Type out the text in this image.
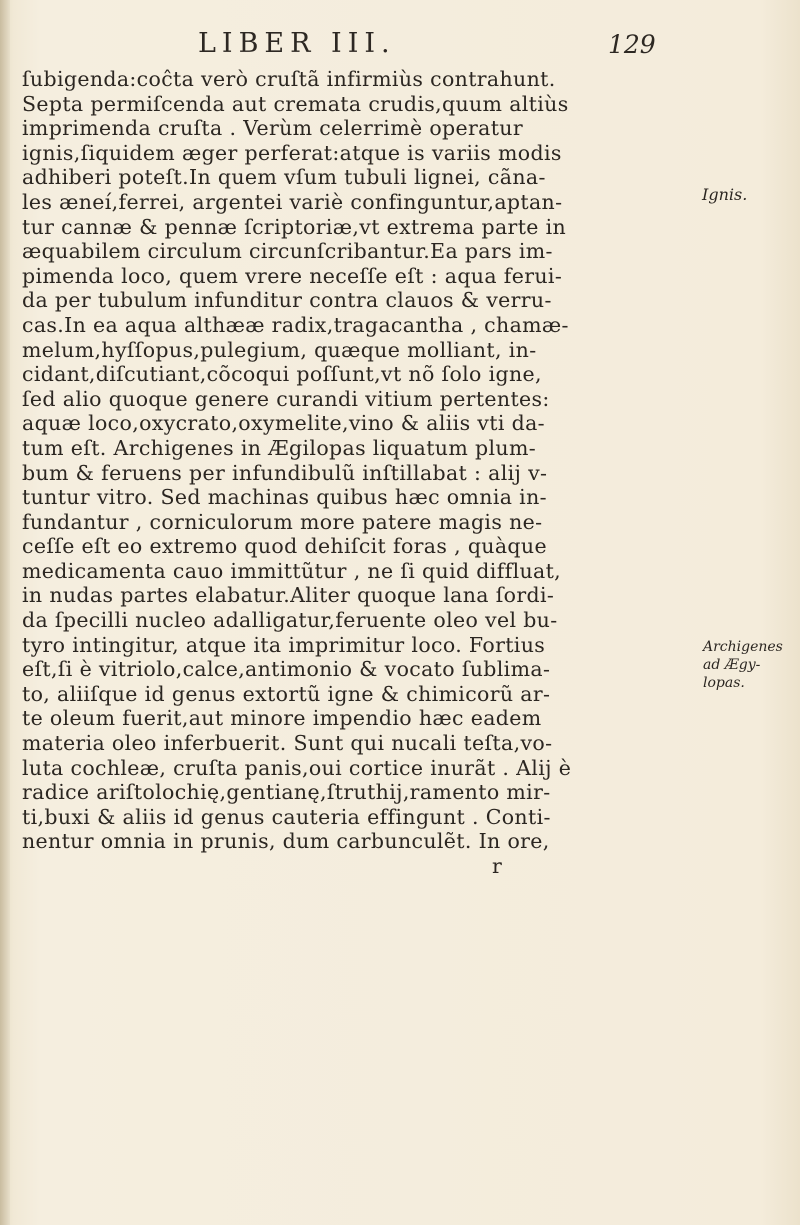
LIBER III.	129
ſubigenda:coĉta verò cruſtã infirmiùs contrahunt.
Septa permiſcenda aut cremata crudis,quum altiùs
imprimenda cruſta . Verùm celerrimè operatur
ignis,ſiquidem æger perferat:atque is variis modis
adhiberi poteſt.In quem vſum tubuli lignei, cãna-
les æneí,ferrei, argentei variè confinguntur,aptan-
tur cannæ & pennæ ſcriptoriæ,vt extrema parte in
æquabilem circulum circunſcribantur.Ea pars im-
pimenda loco, quem vrere neceſſe eſt : aqua ferui-
da per tubulum infunditur contra clauos & verru-
cas.In ea aqua althææ radix,tragacantha , chamæ-
melum,hyſſopus,pulegium, quæque molliant, in-
cidant,diſcutiant,cõcoqui poſſunt,vt nõ ſolo igne,
ſed alio quoque genere curandi vitium pertentes:
aquæ loco,oxycrato,oxymelite,vino & aliis vti da-
tum eſt. Archigenes in Ægilopas liquatum plum-
bum & feruens per infundibulũ inſtillabat : alij v-
tuntur vitro. Sed machinas quibus hæc omnia in-
fundantur , corniculorum more patere magis ne-
ceſſe eſt eo extremo quod dehiſcit foras , quàque
medicamenta cauo immittũtur , ne ſi quid diffluat,
in nudas partes elabatur.Aliter quoque lana ſordi-
da ſpecilli nucleo adalligatur,feruente oleo vel bu-
tyro intingitur, atque ita imprimitur loco. Fortius
eſt,ſi è vitriolo,calce,antimonio & vocato ſublima-
to, aliiſque id genus extortũ igne & chimicorũ ar-
te oleum fuerit,aut minore impendio hæc eadem
materia oleo inferbuerit. Sunt qui nucali teſta,vo-
luta cochleæ, cruſta panis,oui cortice inurãt . Alij è
radice ariſtolochię,gentianę,ſtruthij,ramento mir-
ti,buxi & aliis id genus cauteria effingunt . Conti-
nentur omnia in prunis, dum carbunculẽt. In ore,
r
Ignis.
Archigenes
ad Ægy-
lopas.
